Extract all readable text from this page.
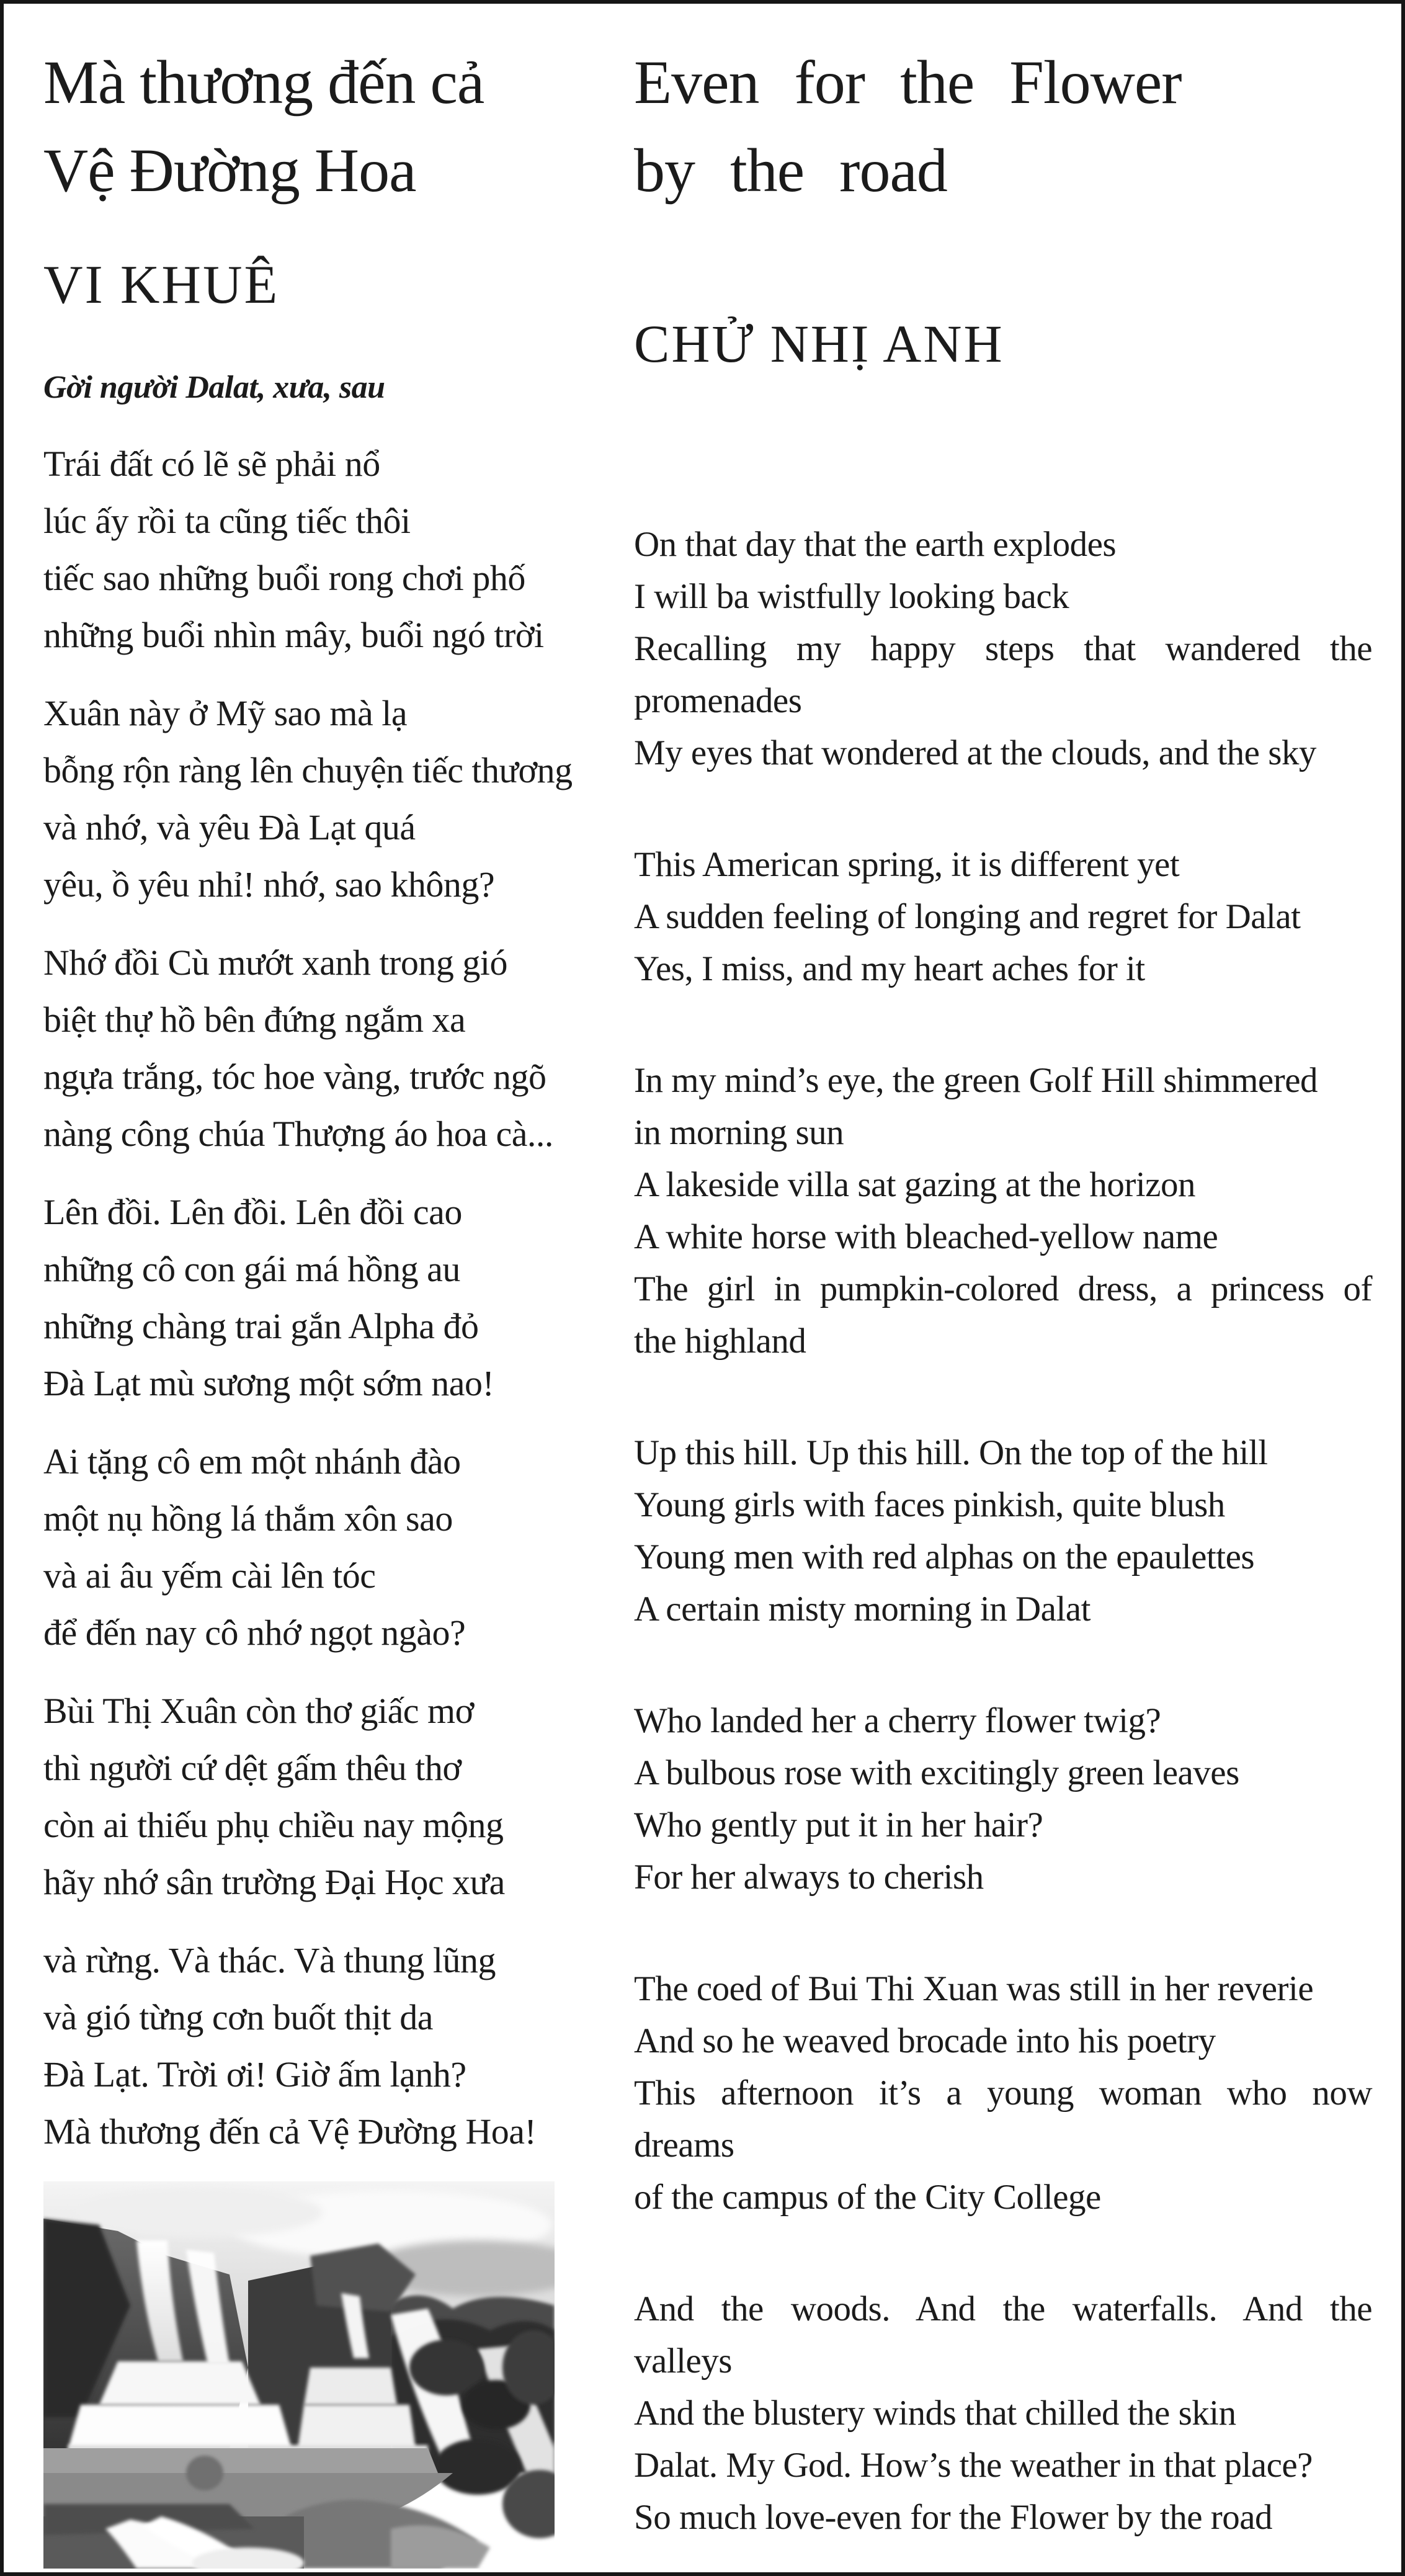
Mà thương đến cả
Vệ Đường Hoa
VI KHUÊ
Gời người Dalat, xưa, sau
Trái đất có lẽ sẽ phải nổ
lúc ấy rồi ta cũng tiếc thôi
tiếc sao những buổi rong chơi phố
những buổi nhìn mây, buổi ngó trời
Xuân này ở Mỹ sao mà lạ
bỗng rộn ràng lên chuyện tiếc thương
và nhớ, và yêu Đà Lạt quá
yêu, ồ yêu nhỉ! nhớ, sao không?
Nhớ đồi Cù mướt xanh trong gió
biệt thự hồ bên đứng ngắm xa
ngựa trắng, tóc hoe vàng, trước ngõ
nàng công chúa Thượng áo hoa cà...
Lên đồi. Lên đồi. Lên đồi cao
những cô con gái má hồng au
những chàng trai gắn Alpha đỏ
Đà Lạt mù sương một sớm nao!
Ai tặng cô em một nhánh đào
một nụ hồng lá thắm xôn sao
và ai âu yếm cài lên tóc
để đến nay cô nhớ ngọt ngào?
Bùi Thị Xuân còn thơ giấc mơ
thì người cứ dệt gấm thêu thơ
còn ai thiếu phụ chiều nay mộng
hãy nhớ sân trường Đại Học xưa
và rừng. Và thác. Và thung lũng
và gió từng cơn buốt thịt da
Đà Lạt. Trời ơi! Giờ ấm lạnh?
Mà thương đến cả Vệ Đường Hoa!
Even for the Flower
by the road
CHỬ NHỊ ANH
On that day that the earth explodes
I will ba wistfully looking back
Recalling my happy steps that wandered the
promenades
My eyes that wondered at the clouds, and the sky
This American spring, it is different yet
A sudden feeling of longing and regret for Dalat
Yes, I miss, and my heart aches for it
In my mind’s eye, the green Golf Hill shimmered
in morning sun
A lakeside villa sat gazing at the horizon
A white horse with bleached-yellow name
The girl in pumpkin-colored dress, a princess of
the highland
Up this hill. Up this hill. On the top of the hill
Young girls with faces pinkish, quite blush
Young men with red alphas on the epaulettes
A certain misty morning in Dalat
Who landed her a cherry flower twig?
A bulbous rose with excitingly green leaves
Who gently put it in her hair?
For her always to cherish
The coed of Bui Thi Xuan was still in her reverie
And so he weaved brocade into his poetry
This afternoon it’s a young woman who now
dreams
of the campus of the City College
And the woods. And the waterfalls. And the
valleys
And the blustery winds that chilled the skin
Dalat. My God. How’s the weather in that place?
So much love-even for the Flower by the road
